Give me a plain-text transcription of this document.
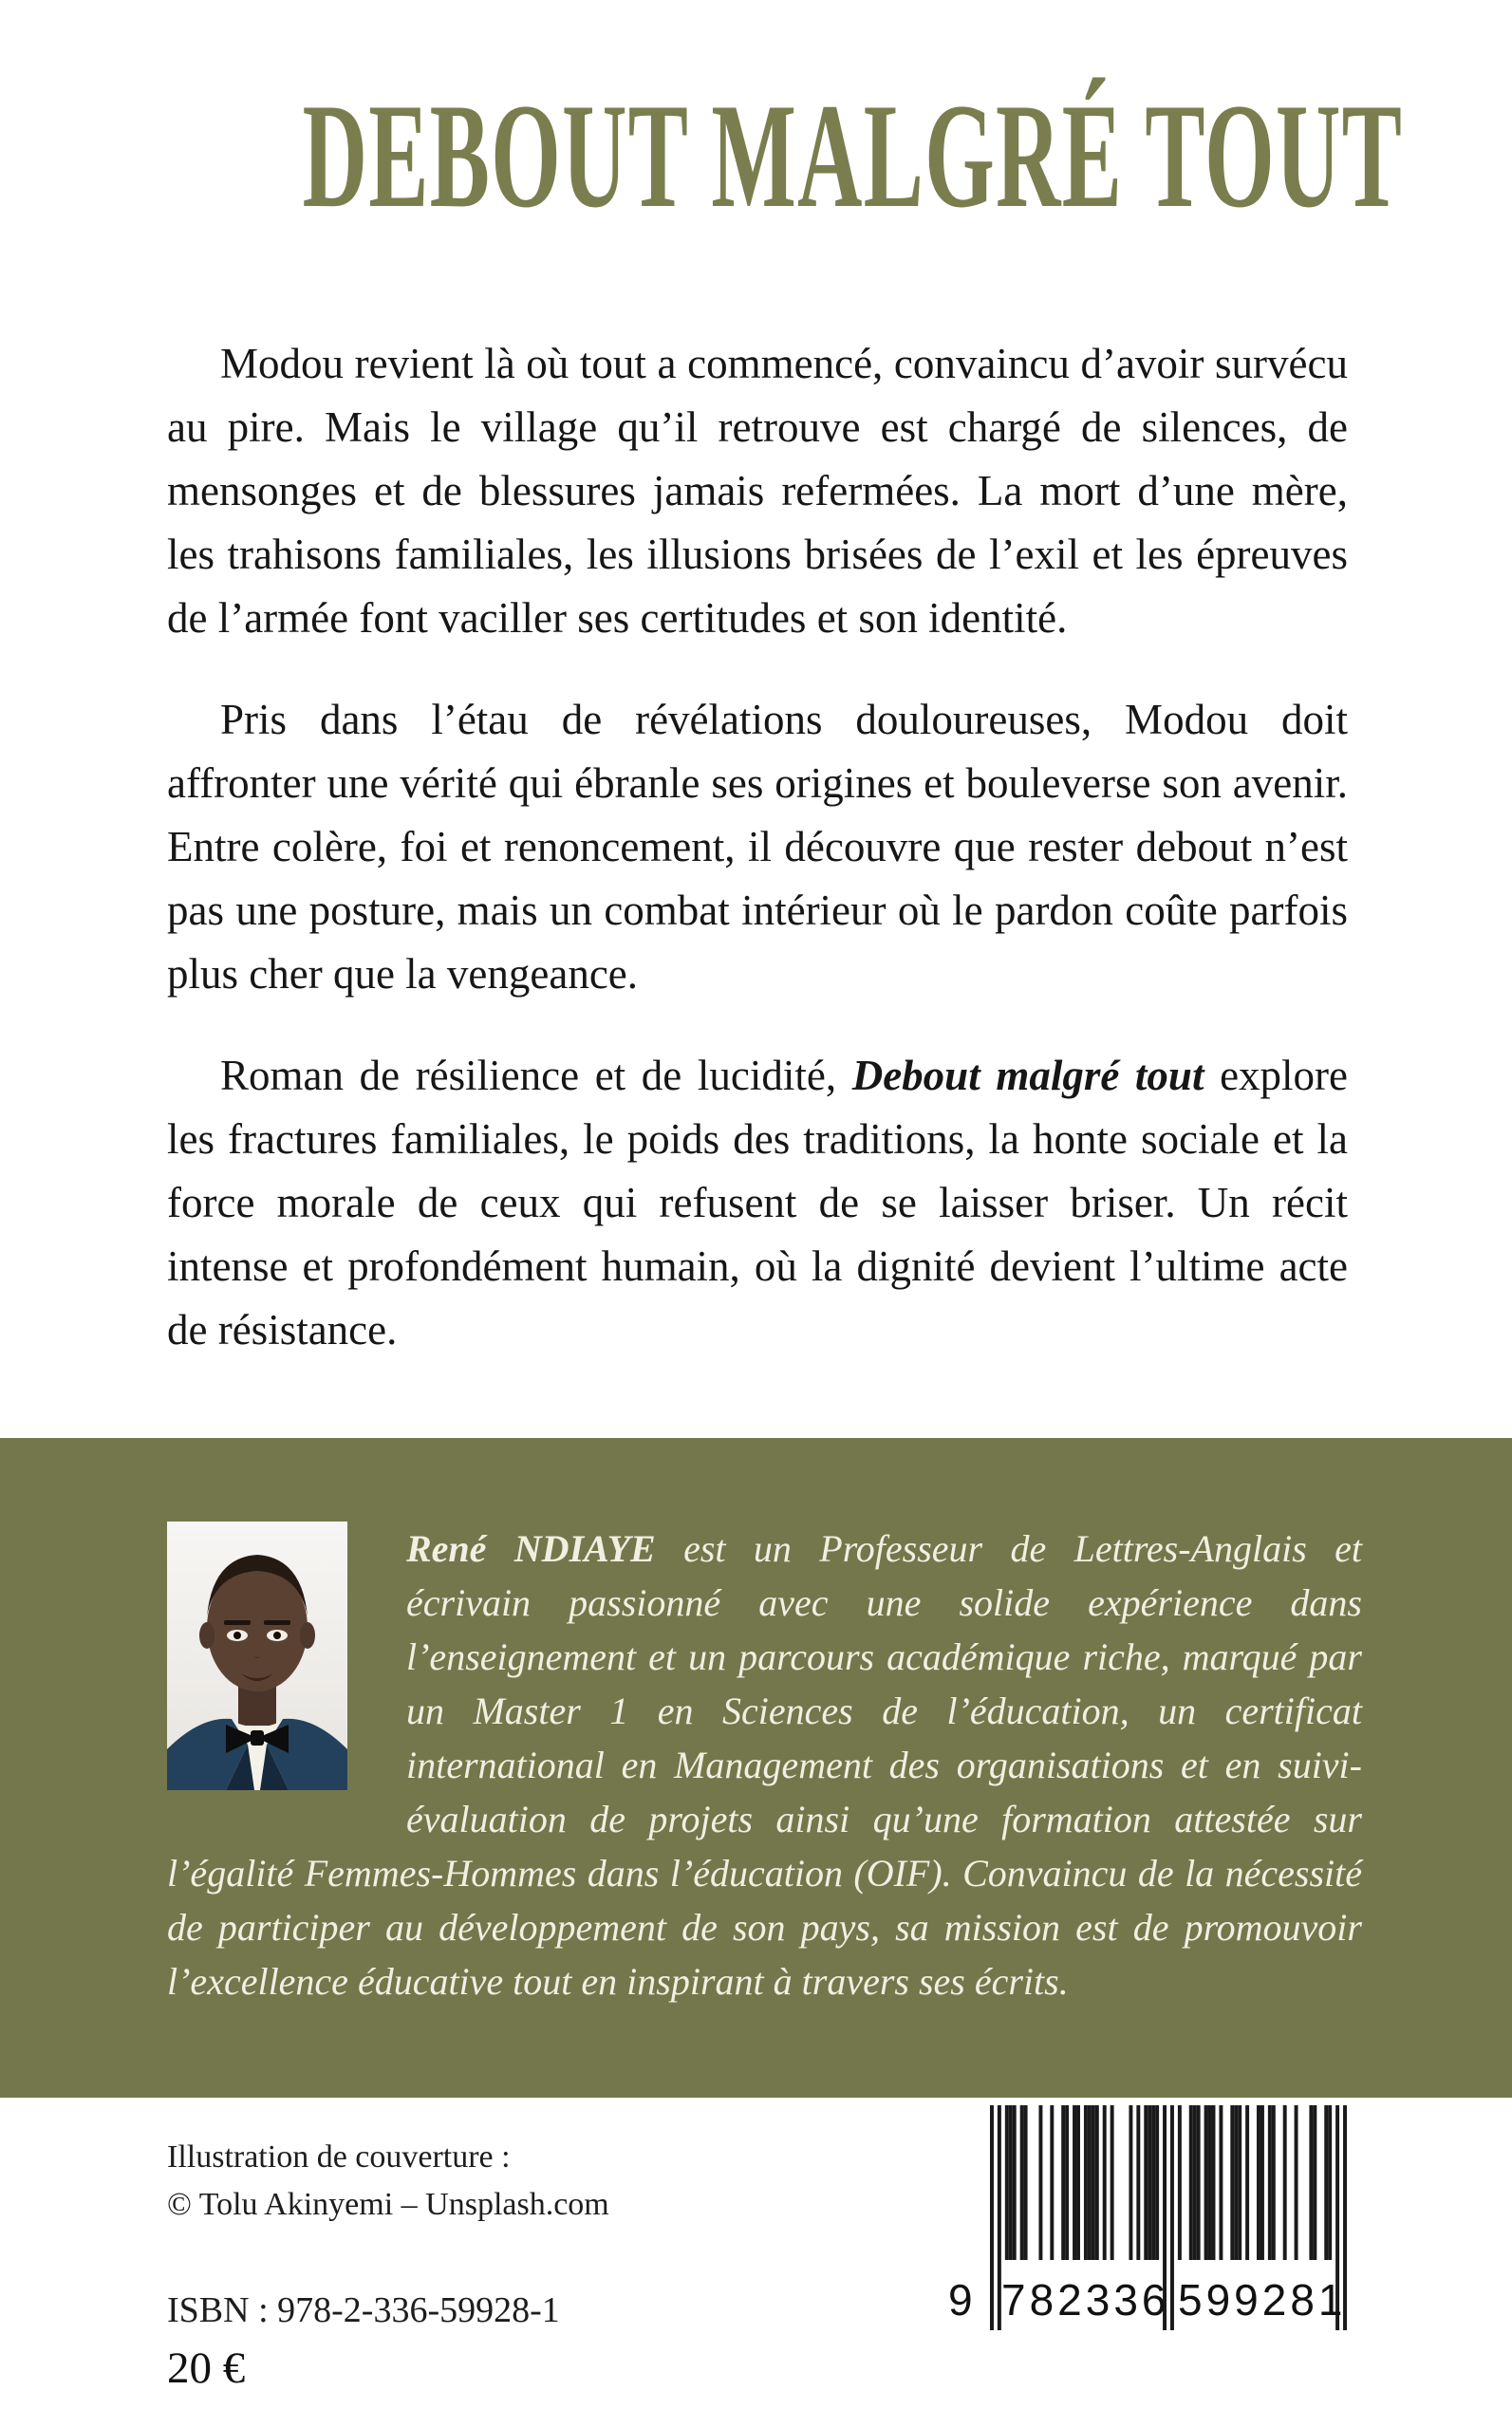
DEBOUT MALGRÉ TOUT

Modou revient là où tout a commencé, convaincu d’avoir survécu au pire. Mais le village qu’il retrouve est chargé de silences, de mensonges et de blessures jamais refermées. La mort d’une mère, les trahisons familiales, les illusions brisées de l’exil et les épreuves de l’armée font vaciller ses certitudes et son identité.

Pris dans l’étau de révélations douloureuses, Modou doit affronter une vérité qui ébranle ses origines et bouleverse son avenir. Entre colère, foi et renoncement, il découvre que rester debout n’est pas une posture, mais un combat intérieur où le pardon coûte parfois plus cher que la vengeance.

Roman de résilience et de lucidité, Debout malgré tout explore les fractures familiales, le poids des traditions, la honte sociale et la force morale de ceux qui refusent de se laisser briser. Un récit intense et profondément humain, où la dignité devient l’ultime acte de résistance.

René NDIAYE est un Professeur de Lettres-Anglais et écrivain passionné avec une solide expérience dans l’enseignement et un parcours académique riche, marqué par un Master 1 en Sciences de l’éducation, un certificat international en Management des organisations et en suivi-évaluation de projets ainsi qu’une formation attestée sur l’égalité Femmes-Hommes dans l’éducation (OIF). Convaincu de la nécessité de participer au développement de son pays, sa mission est de promouvoir l’excellence éducative tout en inspirant à travers ses écrits.

Illustration de couverture :
© Tolu Akinyemi – Unsplash.com
ISBN : 978-2-336-59928-1
20 €
9 782336 599281
